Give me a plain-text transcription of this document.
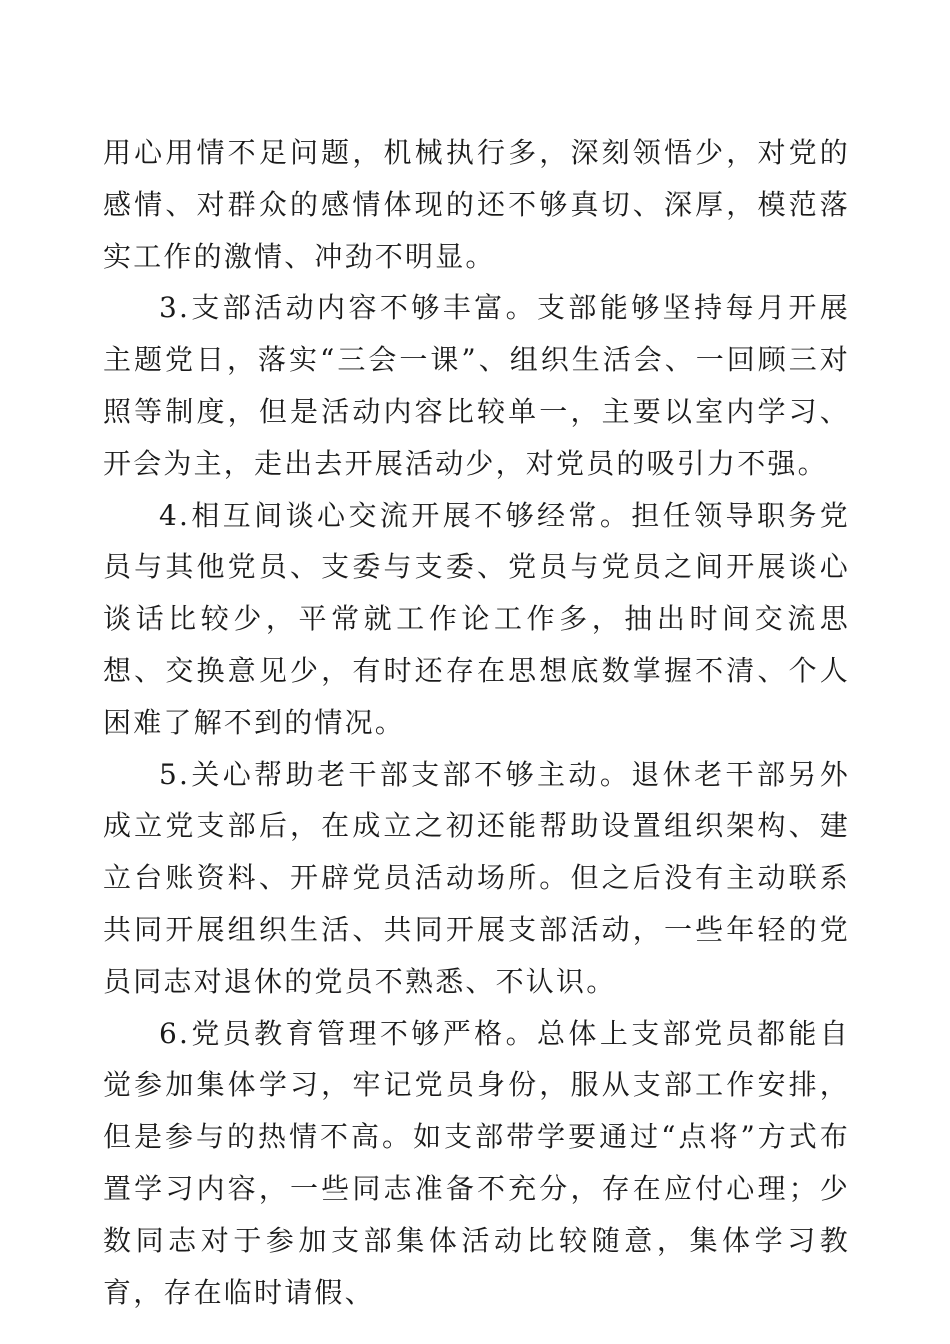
用心用情不足问题，机械执行多，深刻领悟少，对党的感情、对群众的感情体现的还不够真切、深厚，模范落实工作的激情、冲劲不明显。

3.支部活动内容不够丰富。支部能够坚持每月开展主题党日，落实“三会一课”、组织生活会、一回顾三对照等制度，但是活动内容比较单一，主要以室内学习、开会为主，走出去开展活动少，对党员的吸引力不强。

4.相互间谈心交流开展不够经常。担任领导职务党员与其他党员、支委与支委、党员与党员之间开展谈心谈话比较少，平常就工作论工作多，抽出时间交流思想、交换意见少，有时还存在思想底数掌握不清、个人困难了解不到的情况。

5.关心帮助老干部支部不够主动。退休老干部另外成立党支部后，在成立之初还能帮助设置组织架构、建立台账资料、开辟党员活动场所。但之后没有主动联系共同开展组织生活、共同开展支部活动，一些年轻的党员同志对退休的党员不熟悉、不认识。

6.党员教育管理不够严格。总体上支部党员都能自觉参加集体学习，牢记党员身份，服从支部工作安排，但是参与的热情不高。如支部带学要通过“点将”方式布置学习内容，一些同志准备不充分，存在应付心理；少数同志对于参加支部集体活动比较随意，集体学习教育，存在临时请假、
